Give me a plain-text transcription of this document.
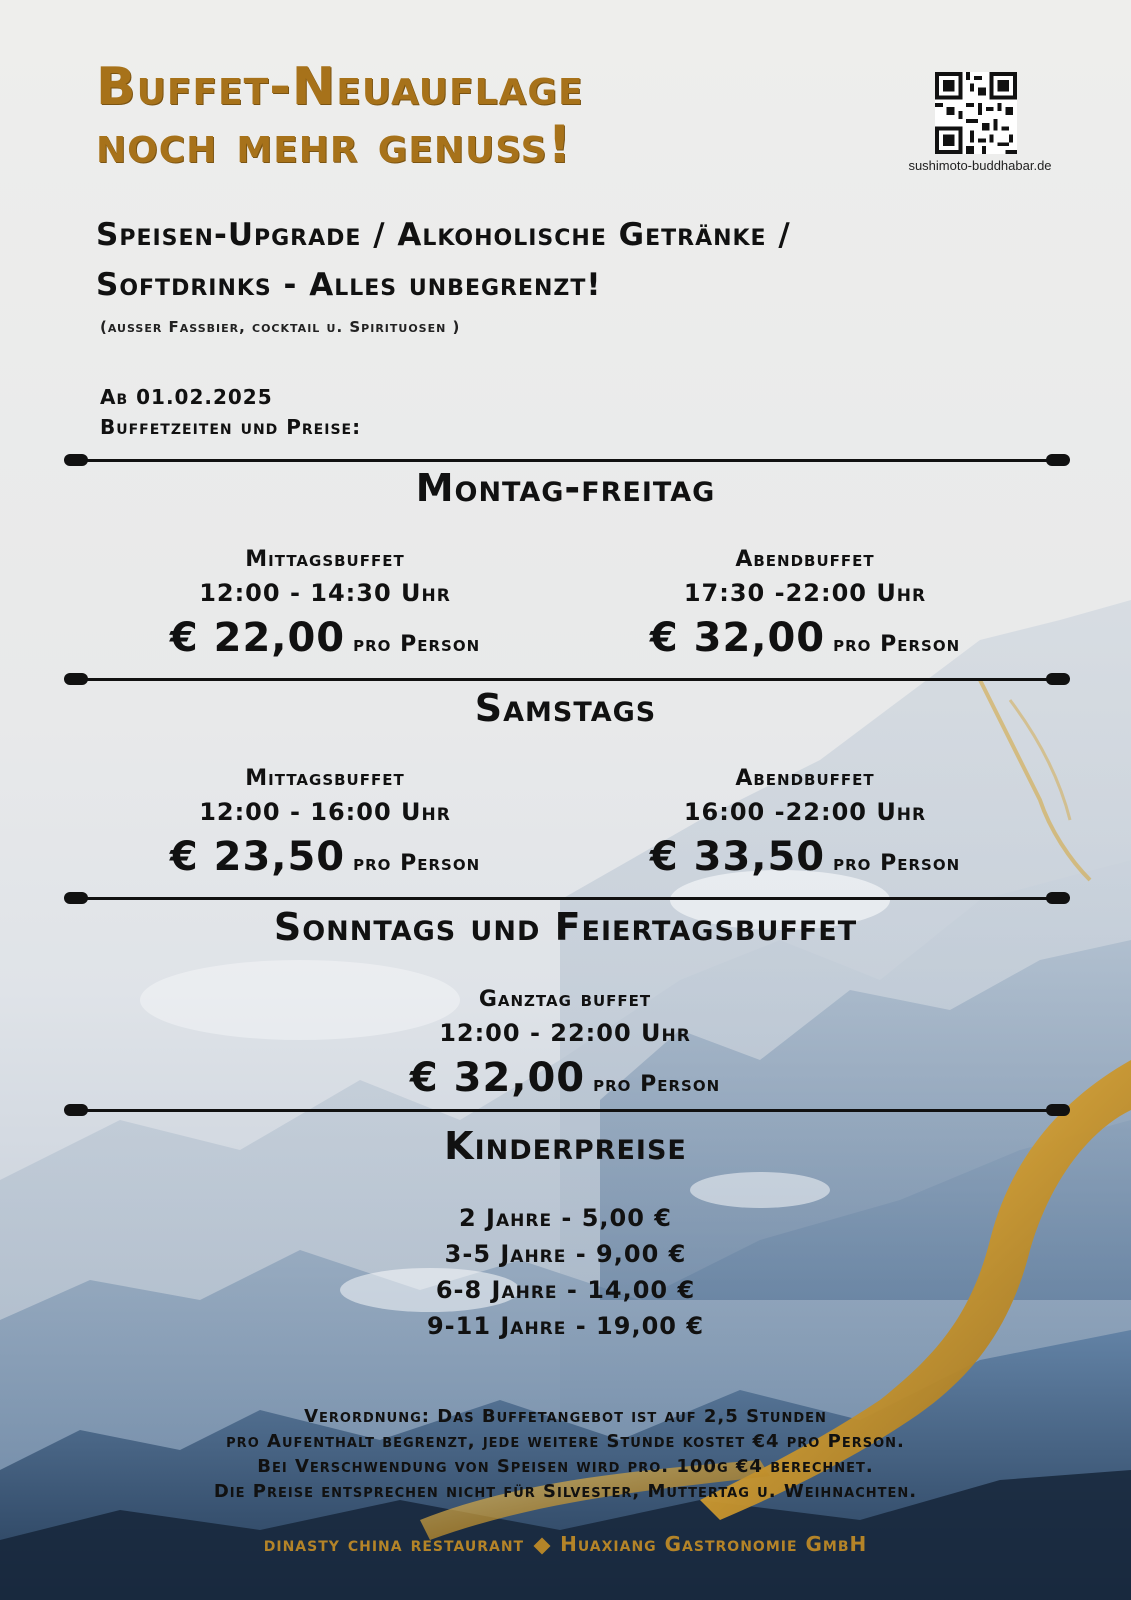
Buffet-Neuauflage
noch mehr genuss!	sushimoto-buddhabar.de
Speisen-Upgrade / Alkoholische Getränke /
Softdrinks - Alles unbegrenzt!
(ausser Fassbier, cocktail u. Spirituosen )
Ab 01.02.2025
Buffetzeiten und Preise:
Montag-freitag
Mittagsbuffet
12:00 - 14:30 Uhr
€ 22,00 pro Person
Abendbuffet
17:30 -22:00 Uhr
€ 32,00 pro Person
Samstags
Mittagsbuffet
12:00 - 16:00 Uhr
€ 23,50 pro Person
Abendbuffet
16:00 -22:00 Uhr
€ 33,50 pro Person
Sonntags und Feiertagsbuffet
Ganztag buffet
12:00 - 22:00 Uhr
€ 32,00 pro Person
Kinderpreise
2 Jahre - 5,00 €
3-5 Jahre - 9,00 €
6-8 Jahre - 14,00 €
9-11 Jahre - 19,00 €
Verordnung: Das Buffetangebot ist auf 2,5 Stunden
pro Aufenthalt begrenzt, jede weitere Stunde kostet €4 pro Person.
Bei Verschwendung von Speisen wird pro. 100g €4 berechnet.
Die Preise entsprechen nicht für Silvester, Muttertag u. Weihnachten.
dinasty china restaurant Huaxiang Gastronomie GmbH
